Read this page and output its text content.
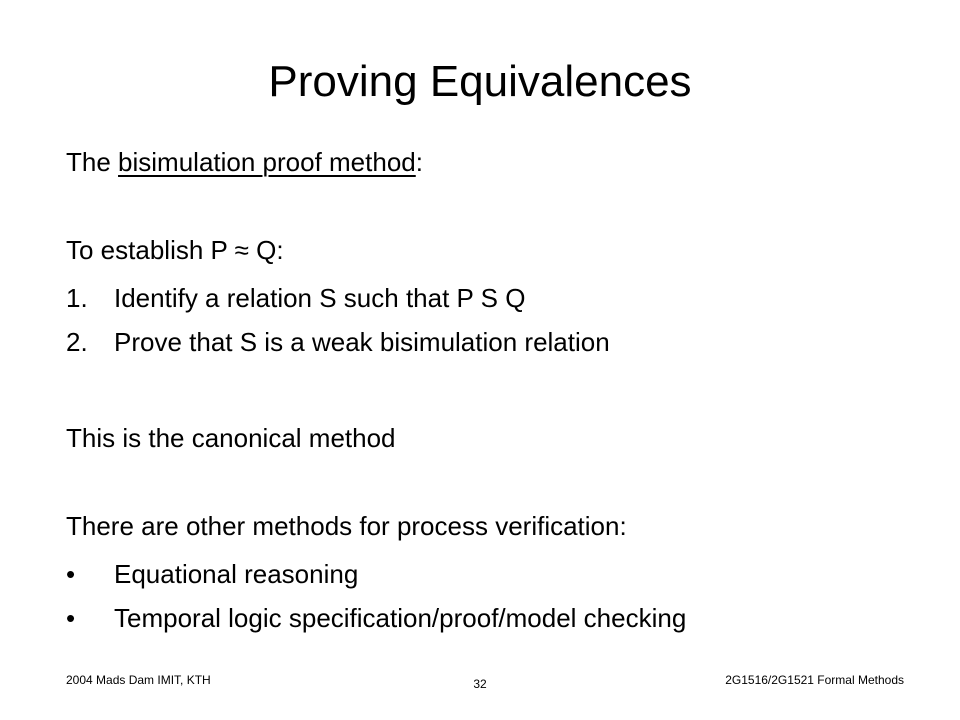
Proving Equivalences
The bisimulation proof method:
To establish P ≈ Q:
1. Identify a relation S such that P S Q
2. Prove that S is a weak bisimulation relation
This is the canonical method
There are other methods for process verification:
• Equational reasoning
• Temporal logic specification/proof/model checking
2004 Mads Dam IMIT, KTH	32	2G1516/2G1521 Formal Methods
